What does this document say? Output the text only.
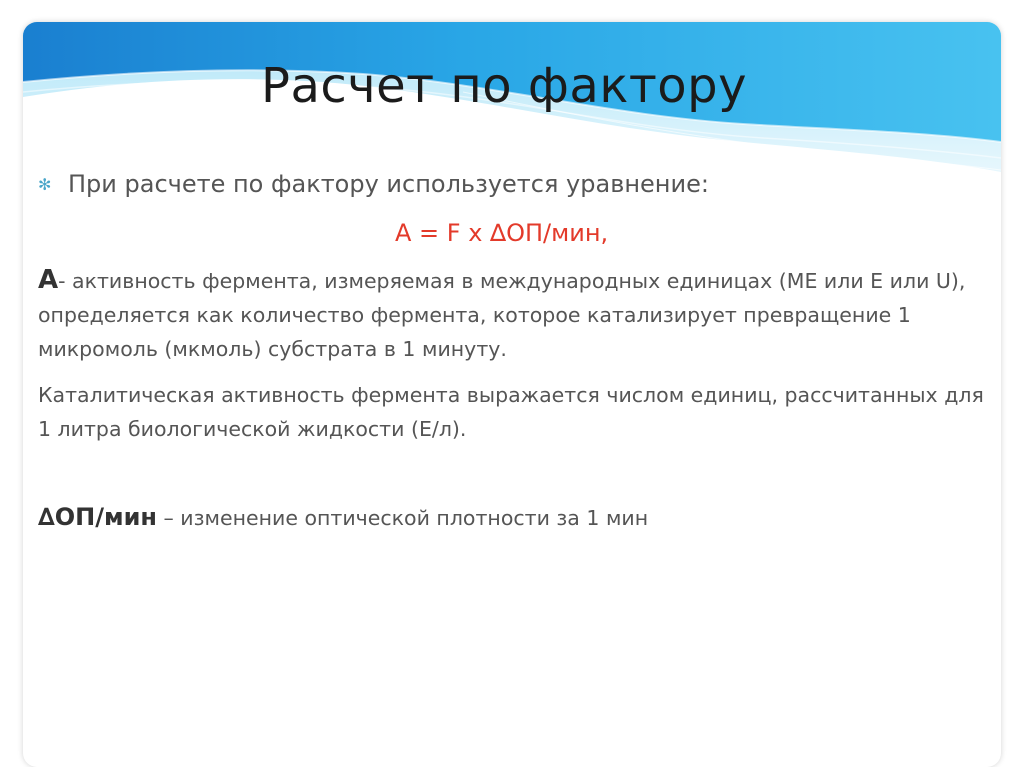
Расчет по фактору
✻ При расчете по фактору используется уравнение:
А = F х ∆ОП/мин,
А- активность фермента, измеряемая в международных единицах (МЕ или Е или U), определяется как количество фермента, которое катализирует превращение 1 микромоль (мкмоль) субстрата в 1 минуту.
Каталитическая активность фермента выражается числом единиц, рассчитанных для 1 литра биологической жидкости (Е/л).
∆ОП/мин – изменение оптической плотности за 1 мин
